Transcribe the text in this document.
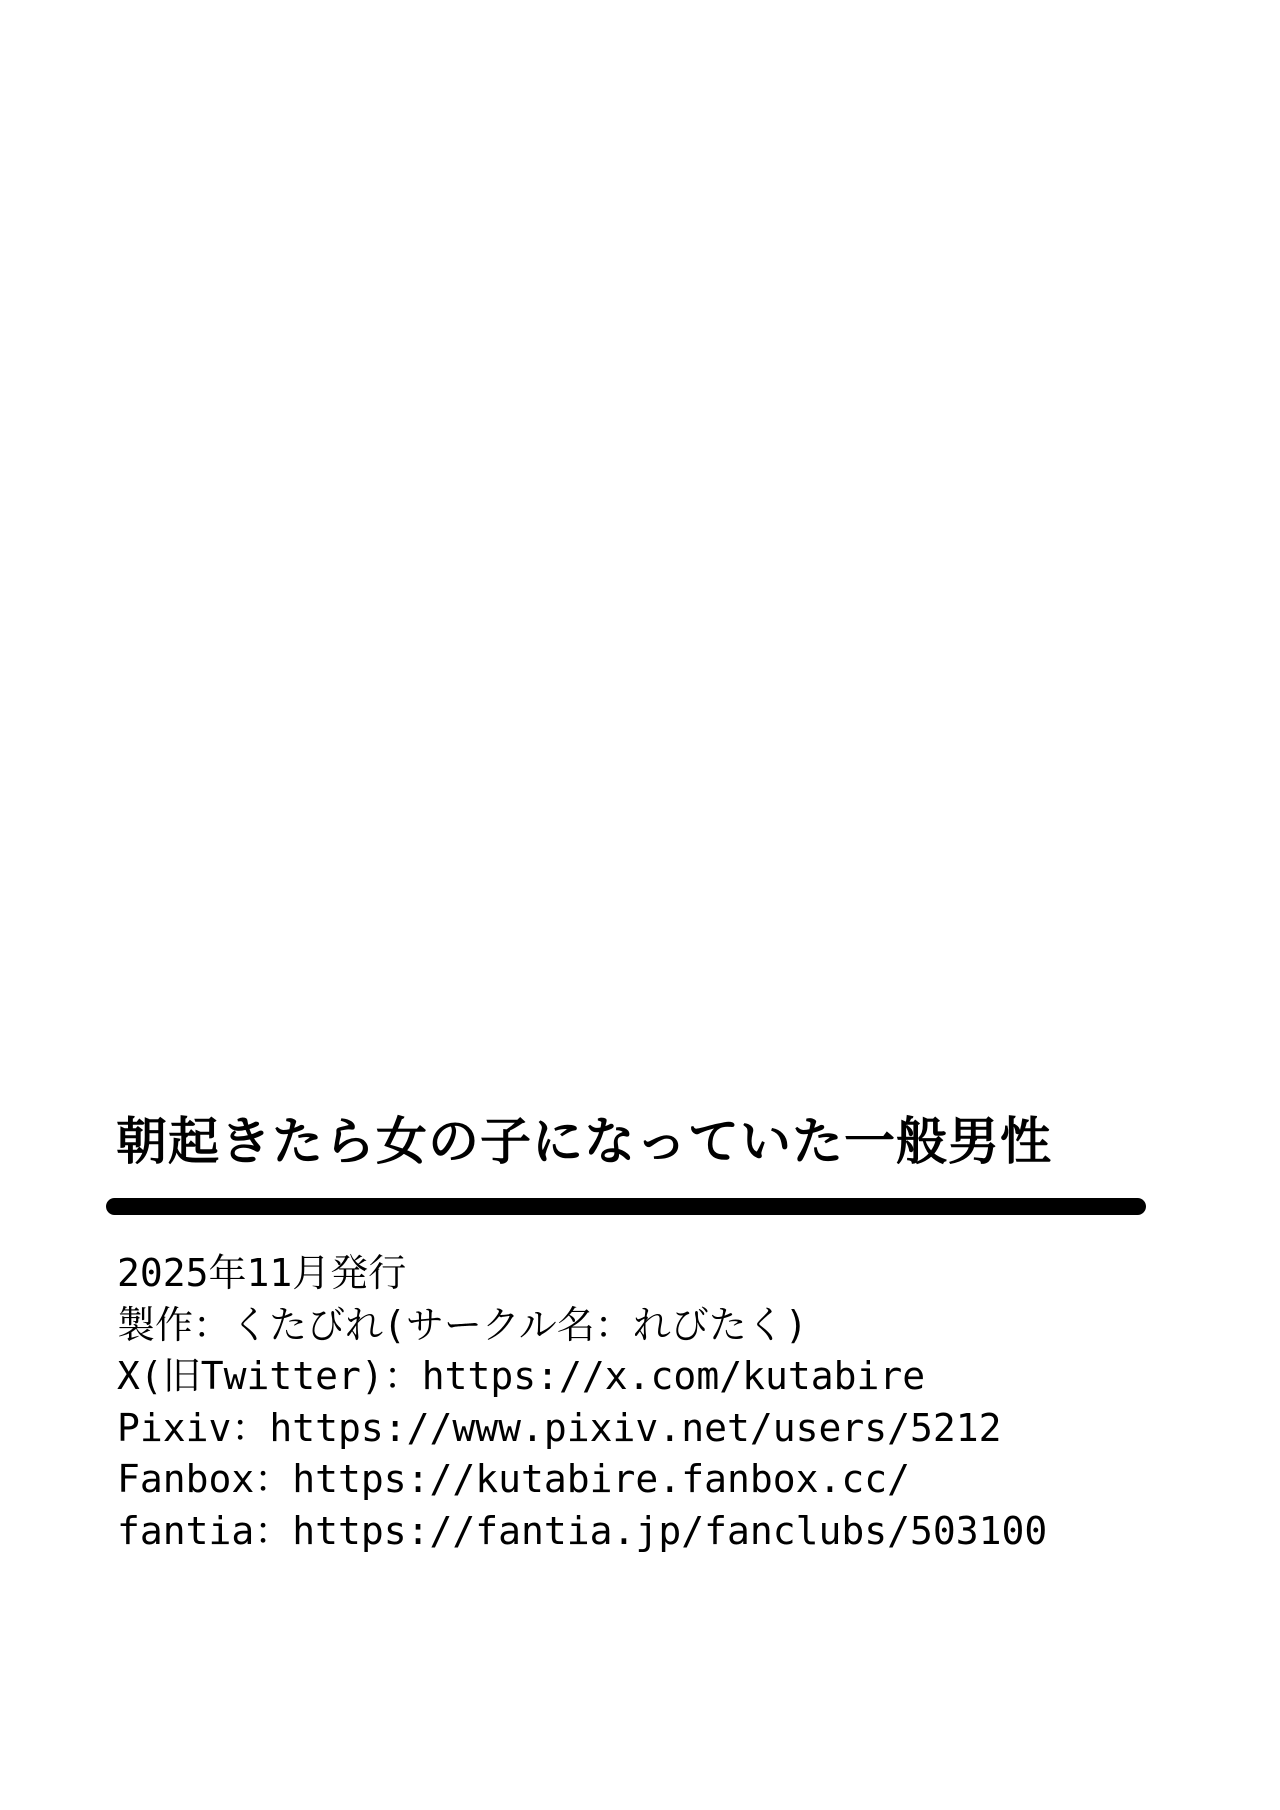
朝起きたら女の子になっていた一般男性
2025年11月発行
製作：くたびれ(サークル名：れびたく)
X(旧Twitter)：https://x.com/kutabire
Pixiv：https://www.pixiv.net/users/5212
Fanbox：https://kutabire.fanbox.cc/
fantia：https://fantia.jp/fanclubs/503100
